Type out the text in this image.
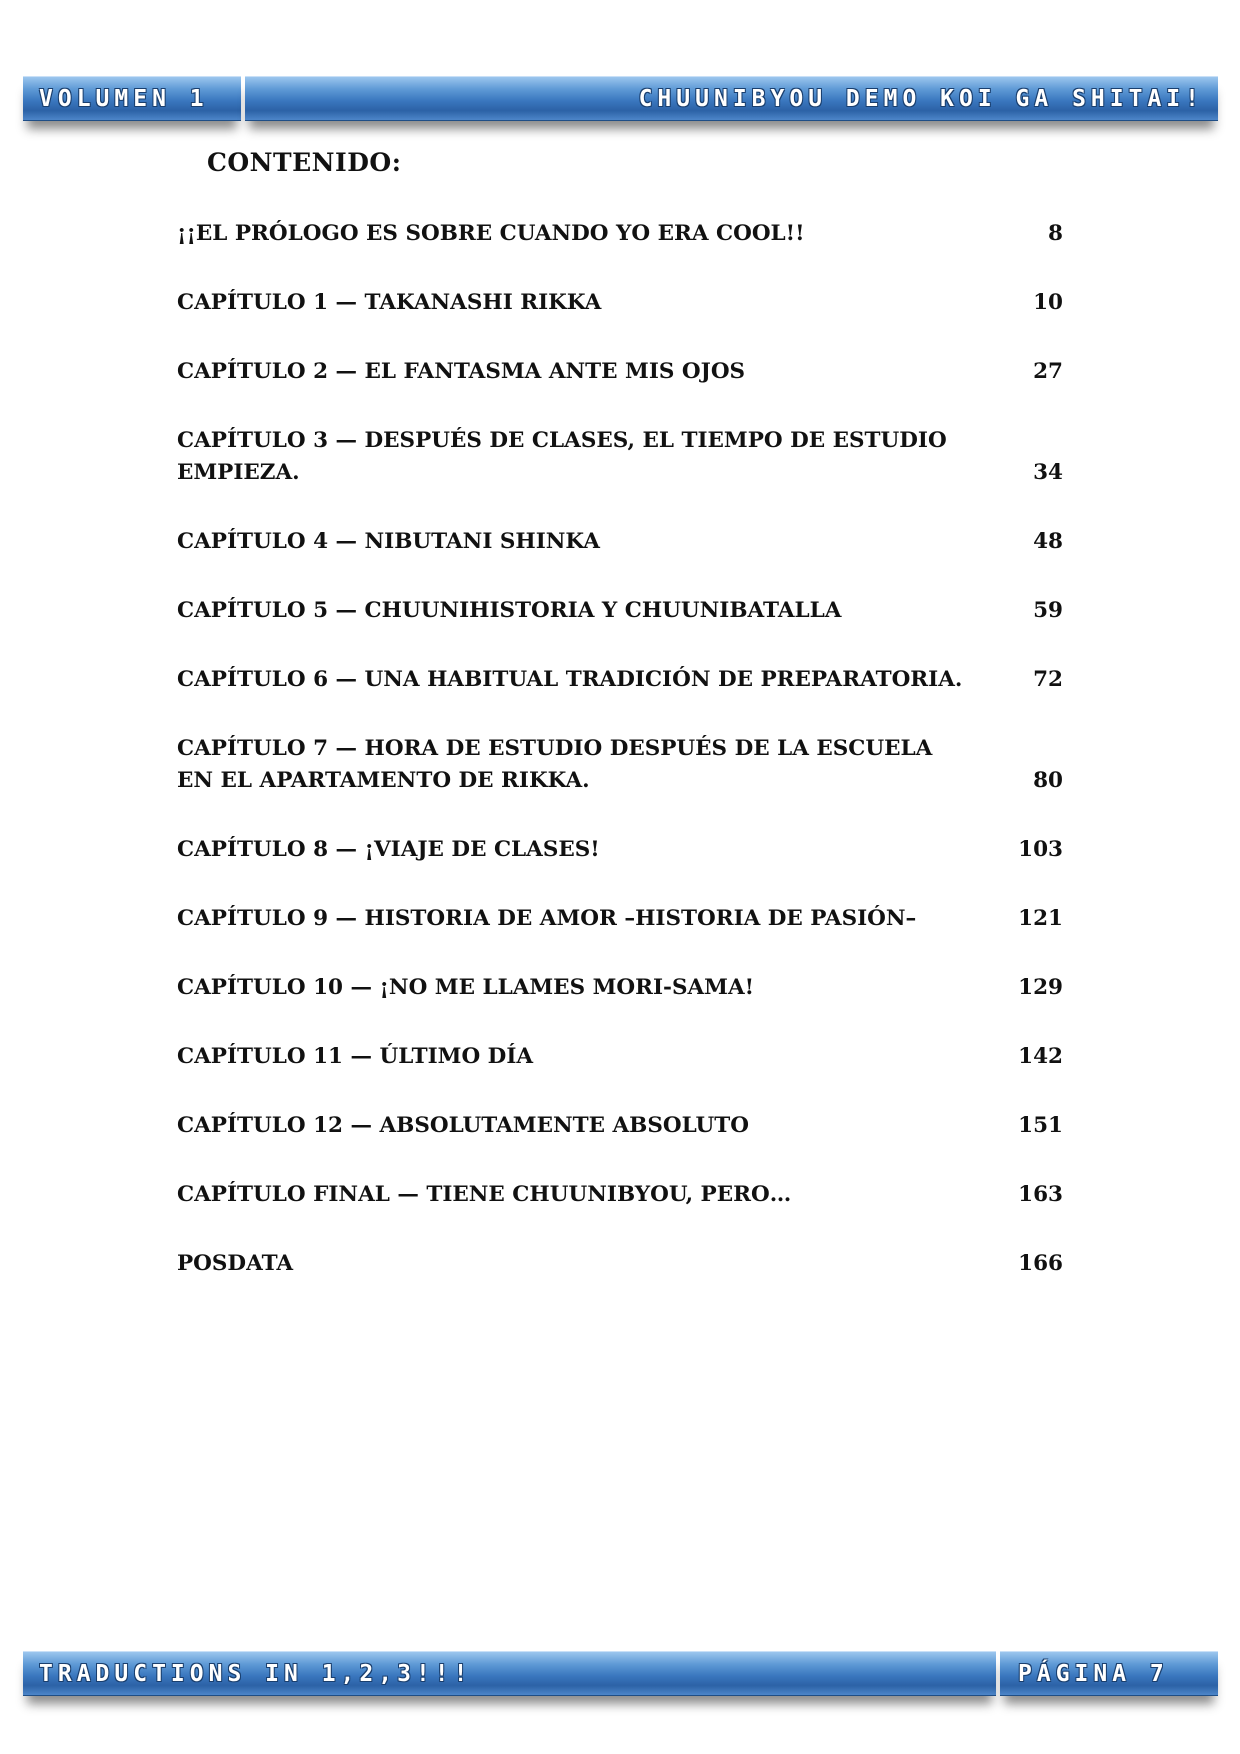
VOLUMEN 1	CHUUNIBYOU DEMO KOI GA SHITAI!
CONTENIDO:
¡¡EL PRÓLOGO ES SOBRE CUANDO YO ERA COOL!!	8
CAPÍTULO 1 — TAKANASHI RIKKA	10
CAPÍTULO 2 — EL FANTASMA ANTE MIS OJOS	27
CAPÍTULO 3 — DESPUÉS DE CLASES, EL TIEMPO DE ESTUDIO EMPIEZA.	34
CAPÍTULO 4 — NIBUTANI SHINKA	48
CAPÍTULO 5 — CHUUNIHISTORIA Y CHUUNIBATALLA	59
CAPÍTULO 6 — UNA HABITUAL TRADICIÓN DE PREPARATORIA.	72
CAPÍTULO 7 — HORA DE ESTUDIO DESPUÉS DE LA ESCUELA EN EL APARTAMENTO DE RIKKA.	80
CAPÍTULO 8 — ¡VIAJE DE CLASES!	103
CAPÍTULO 9 — HISTORIA DE AMOR –HISTORIA DE PASIÓN–	121
CAPÍTULO 10 — ¡NO ME LLAMES MORI-SAMA!	129
CAPÍTULO 11 — ÚLTIMO DÍA	142
CAPÍTULO 12 — ABSOLUTAMENTE ABSOLUTO	151
CAPÍTULO FINAL — TIENE CHUUNIBYOU, PERO…	163
POSDATA	166
TRADUCTIONS IN 1,2,3!!!	PÁGINA 7
